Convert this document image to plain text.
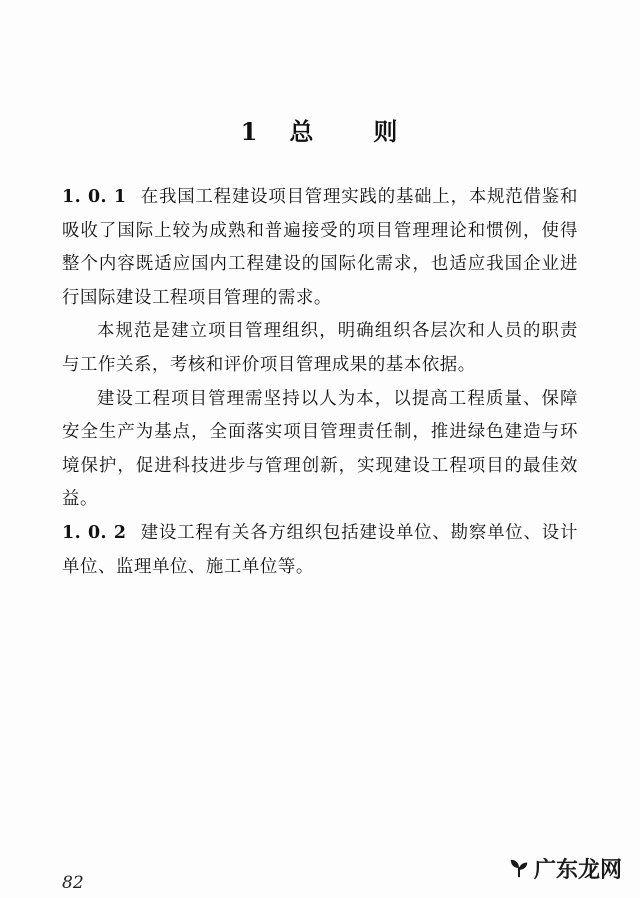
1 总 则

1. 0. 1 在我国工程建设项目管理实践的基础上，本规范借鉴和吸收了国际上较为成熟和普遍接受的项目管理理论和惯例，使得整个内容既适应国内工程建设的国际化需求，也适应我国企业进行国际建设工程项目管理的需求。

本规范是建立项目管理组织，明确组织各层次和人员的职责与工作关系，考核和评价项目管理成果的基本依据。

建设工程项目管理需坚持以人为本，以提高工程质量、保障安全生产为基点，全面落实项目管理责任制，推进绿色建造与环境保护，促进科技进步与管理创新，实现建设工程项目的最佳效益。

1. 0. 2 建设工程有关各方组织包括建设单位、勘察单位、设计单位、监理单位、施工单位等。

82
广东龙网
